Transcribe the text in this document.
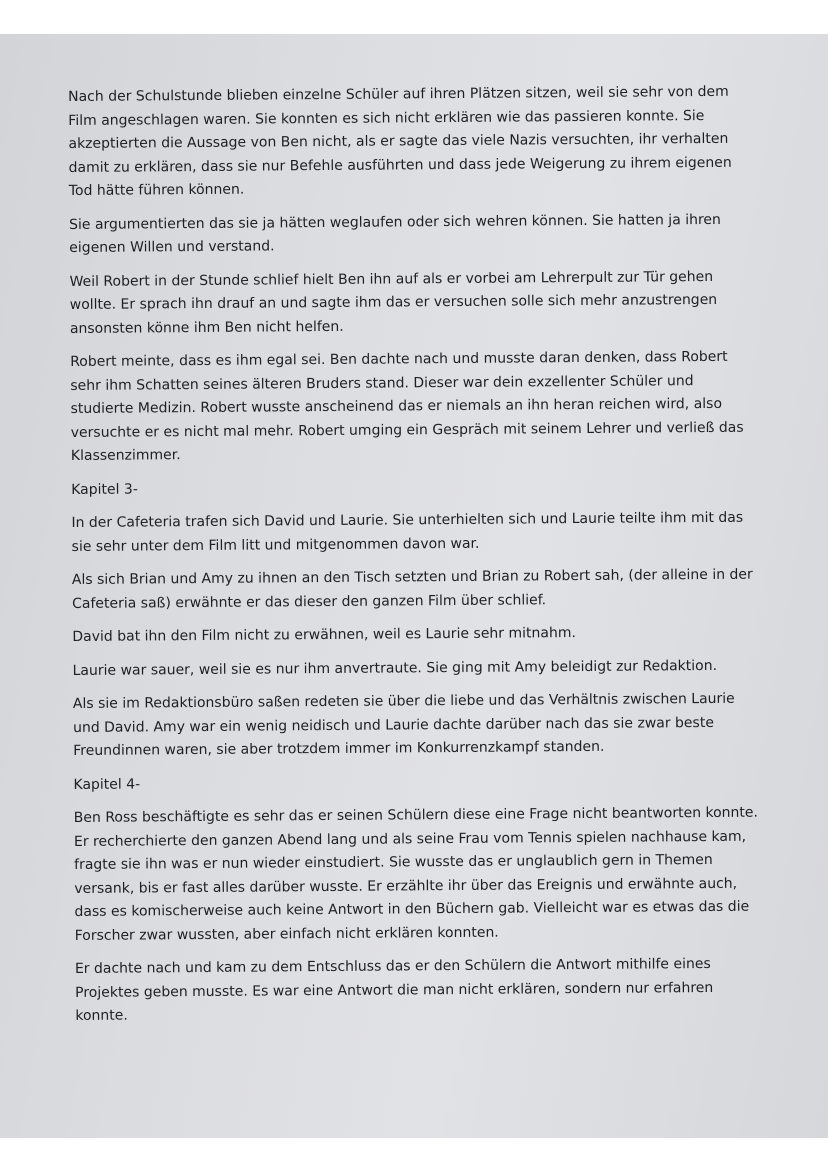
Nach der Schulstunde blieben einzelne Schüler auf ihren Plätzen sitzen, weil sie sehr von dem Film angeschlagen waren. Sie konnten es sich nicht erklären wie das passieren konnte. Sie akzeptierten die Aussage von Ben nicht, als er sagte das viele Nazis versuchten, ihr verhalten damit zu erklären, dass sie nur Befehle ausführten und dass jede Weigerung zu ihrem eigenen Tod hätte führen können.

Sie argumentierten das sie ja hätten weglaufen oder sich wehren können. Sie hatten ja ihren eigenen Willen und verstand.

Weil Robert in der Stunde schlief hielt Ben ihn auf als er vorbei am Lehrerpult zur Tür gehen wollte. Er sprach ihn drauf an und sagte ihm das er versuchen solle sich mehr anzustrengen ansonsten könne ihm Ben nicht helfen.

Robert meinte, dass es ihm egal sei. Ben dachte nach und musste daran denken, dass Robert sehr ihm Schatten seines älteren Bruders stand. Dieser war dein exzellenter Schüler und studierte Medizin. Robert wusste anscheinend das er niemals an ihn heran reichen wird, also versuchte er es nicht mal mehr. Robert umging ein Gespräch mit seinem Lehrer und verließ das Klassenzimmer.

Kapitel 3-

In der Cafeteria trafen sich David und Laurie. Sie unterhielten sich und Laurie teilte ihm mit das sie sehr unter dem Film litt und mitgenommen davon war.

Als sich Brian und Amy zu ihnen an den Tisch setzten und Brian zu Robert sah, (der alleine in der Cafeteria saß) erwähnte er das dieser den ganzen Film über schlief.

David bat ihn den Film nicht zu erwähnen, weil es Laurie sehr mitnahm.

Laurie war sauer, weil sie es nur ihm anvertraute. Sie ging mit Amy beleidigt zur Redaktion.

Als sie im Redaktionsbüro saßen redeten sie über die liebe und das Verhältnis zwischen Laurie und David. Amy war ein wenig neidisch und Laurie dachte darüber nach das sie zwar beste Freundinnen waren, sie aber trotzdem immer im Konkurrenzkampf standen.

Kapitel 4-

Ben Ross beschäftigte es sehr das er seinen Schülern diese eine Frage nicht beantworten konnte. Er recherchierte den ganzen Abend lang und als seine Frau vom Tennis spielen nachhause kam, fragte sie ihn was er nun wieder einstudiert. Sie wusste das er unglaublich gern in Themen versank, bis er fast alles darüber wusste. Er erzählte ihr über das Ereignis und erwähnte auch, dass es komischerweise auch keine Antwort in den Büchern gab. Vielleicht war es etwas das die Forscher zwar wussten, aber einfach nicht erklären konnten.

Er dachte nach und kam zu dem Entschluss das er den Schülern die Antwort mithilfe eines Projektes geben musste. Es war eine Antwort die man nicht erklären, sondern nur erfahren konnte.
